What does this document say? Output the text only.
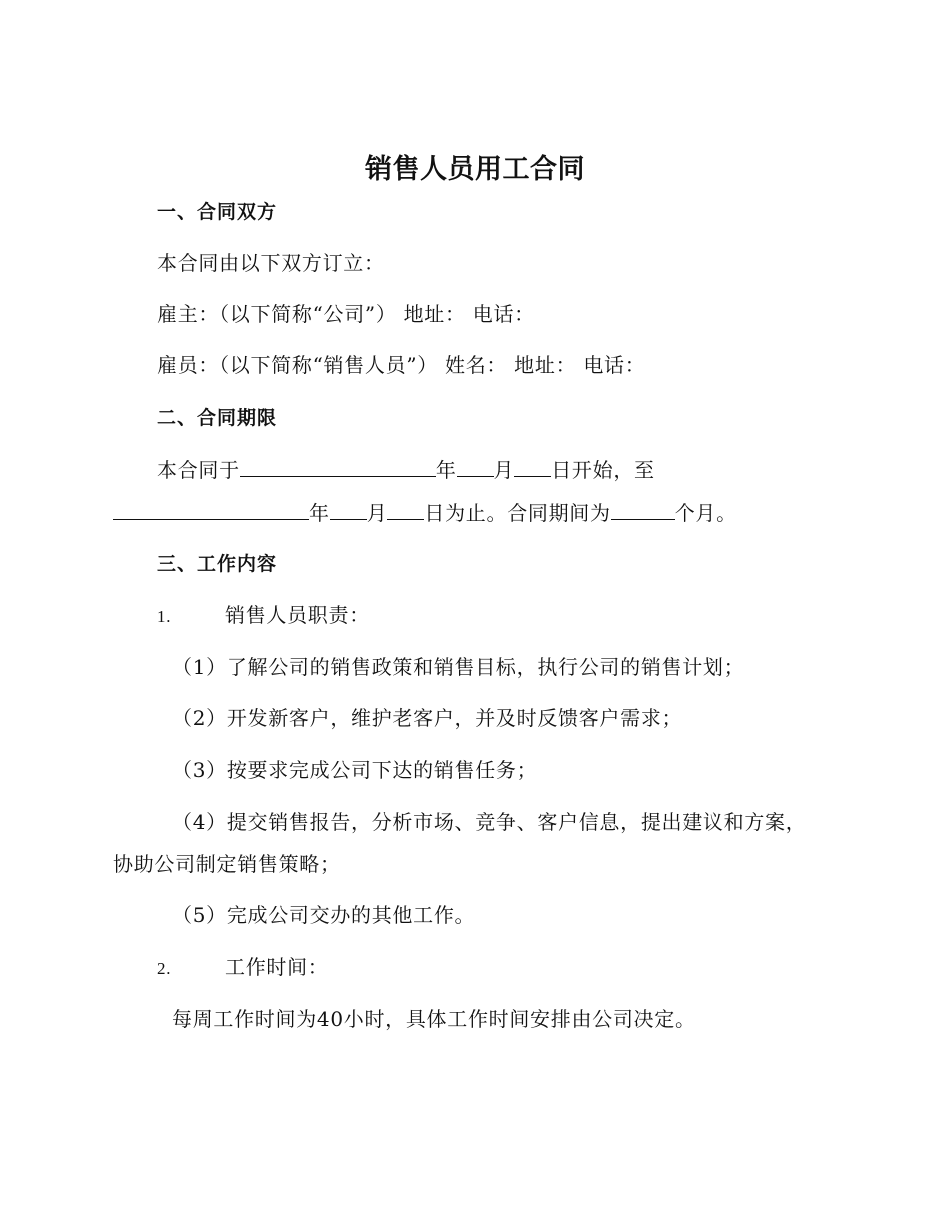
销售人员用工合同
一、合同双方
本合同由以下双方订立：
雇主：（以下简称“公司”） 地址： 电话：
雇员：（以下简称“销售人员”） 姓名： 地址： 电话：
二、合同期限
本合同于	年 月 日开始，至
年 月 日为止。合同期间为	个月。
三、工作内容
1.	销售人员职责：
（1）了解公司的销售政策和销售目标，执行公司的销售计划；
（2）开发新客户，维护老客户，并及时反馈客户需求；
（3）按要求完成公司下达的销售任务；
（4）提交销售报告，分析市场、竞争、客户信息，提出建议和方案，
协助公司制定销售策略；
（5）完成公司交办的其他工作。
2.	工作时间：
每周工作时间为40小时，具体工作时间安排由公司决定。
